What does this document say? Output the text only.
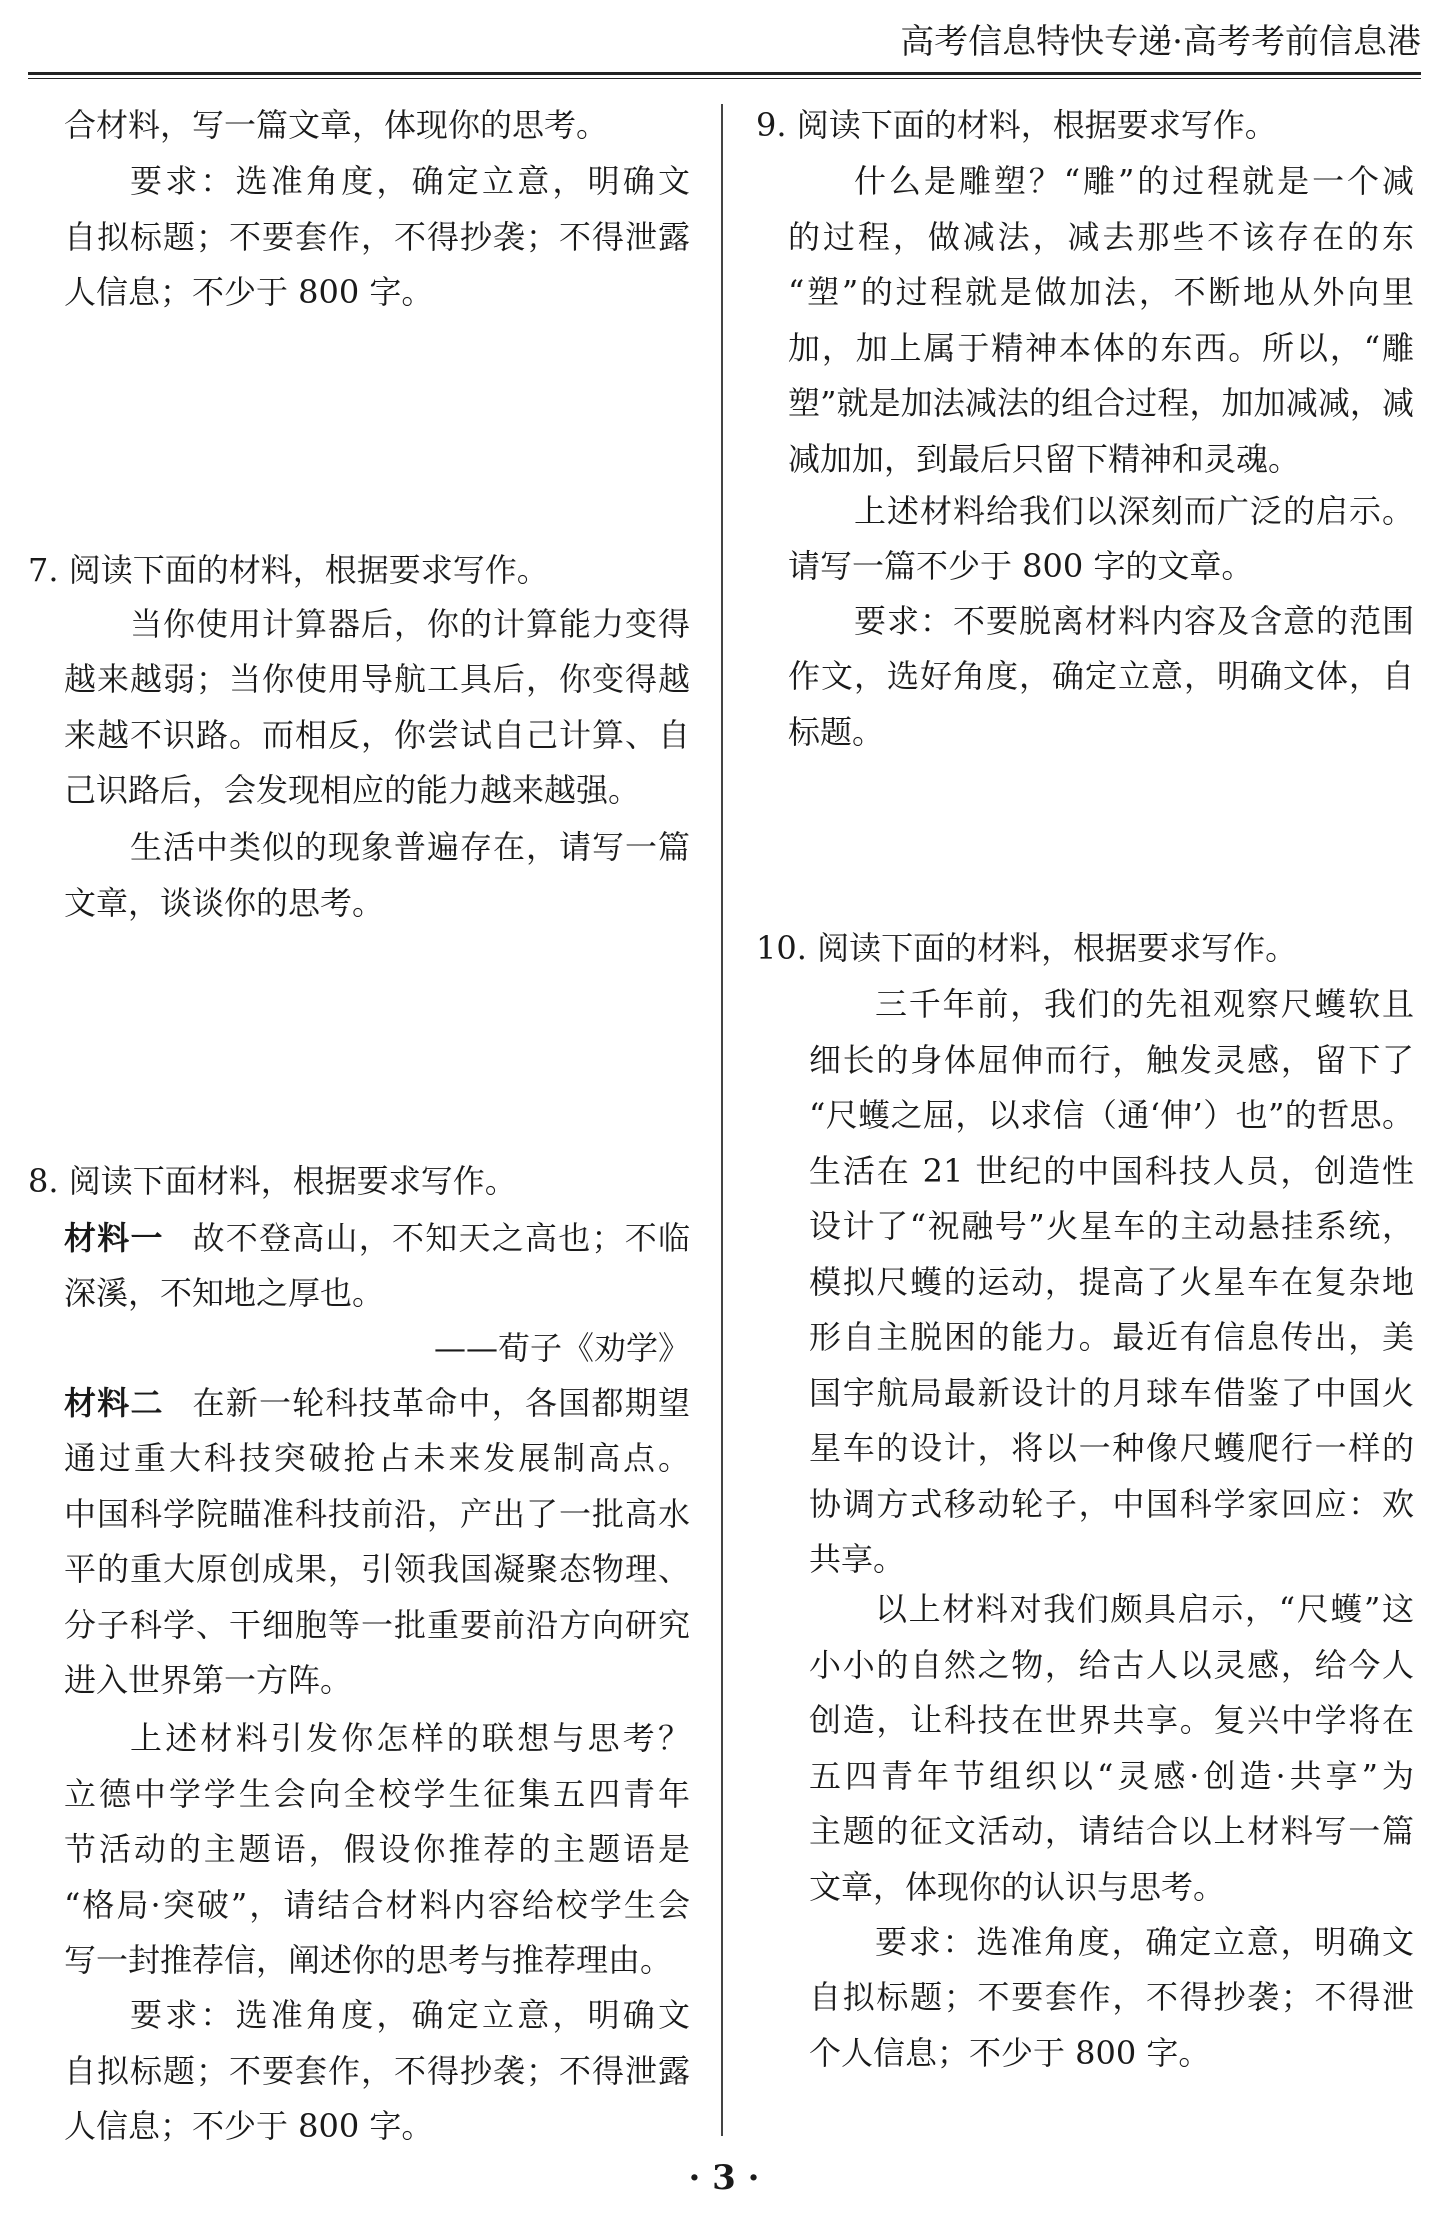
高考信息特快专递·高考考前信息港
合材料，写一篇文章，体现你的思考。
要求：选准角度，确定立意，明确文
自拟标题；不要套作，不得抄袭；不得泄露
人信息；不少于 800 字。
7. 阅读下面的材料，根据要求写作。
当你使用计算器后，你的计算能力变得
越来越弱；当你使用导航工具后，你变得越
来越不识路。而相反，你尝试自己计算、自
己识路后，会发现相应的能力越来越强。
生活中类似的现象普遍存在，请写一篇
文章，谈谈你的思考。
8. 阅读下面材料，根据要求写作。
材料一 故不登高山，不知天之高也；不临
深溪，不知地之厚也。
——荀子《劝学》
材料二 在新一轮科技革命中，各国都期望
通过重大科技突破抢占未来发展制高点。
中国科学院瞄准科技前沿，产出了一批高水
平的重大原创成果，引领我国凝聚态物理、
分子科学、干细胞等一批重要前沿方向研究
进入世界第一方阵。
上述材料引发你怎样的联想与思考？
立德中学学生会向全校学生征集五四青年
节活动的主题语，假设你推荐的主题语是
“格局·突破”，请结合材料内容给校学生会
写一封推荐信，阐述你的思考与推荐理由。
要求：选准角度，确定立意，明确文
自拟标题；不要套作，不得抄袭；不得泄露
人信息；不少于 800 字。
9. 阅读下面的材料，根据要求写作。
什么是雕塑？“雕”的过程就是一个减
的过程，做减法，减去那些不该存在的东
“塑”的过程就是做加法，不断地从外向里
加，加上属于精神本体的东西。所以，“雕
塑”就是加法减法的组合过程，加加减减，减
减加加，到最后只留下精神和灵魂。
上述材料给我们以深刻而广泛的启示。
请写一篇不少于 800 字的文章。
要求：不要脱离材料内容及含意的范围
作文，选好角度，确定立意，明确文体，自
标题。
10. 阅读下面的材料，根据要求写作。
三千年前，我们的先祖观察尺蠖软且
细长的身体屈伸而行，触发灵感，留下了
“尺蠖之屈，以求信（通‘伸’）也”的哲思。
生活在 21 世纪的中国科技人员，创造性
设计了“祝融号”火星车的主动悬挂系统，
模拟尺蠖的运动，提高了火星车在复杂地
形自主脱困的能力。最近有信息传出，美
国宇航局最新设计的月球车借鉴了中国火
星车的设计，将以一种像尺蠖爬行一样的
协调方式移动轮子，中国科学家回应：欢
共享。
以上材料对我们颇具启示，“尺蠖”这
小小的自然之物，给古人以灵感，给今人
创造，让科技在世界共享。复兴中学将在
五四青年节组织以“灵感·创造·共享”为
主题的征文活动，请结合以上材料写一篇
文章，体现你的认识与思考。
要求：选准角度，确定立意，明确文
自拟标题；不要套作，不得抄袭；不得泄
个人信息；不少于 800 字。
· 3 ·
